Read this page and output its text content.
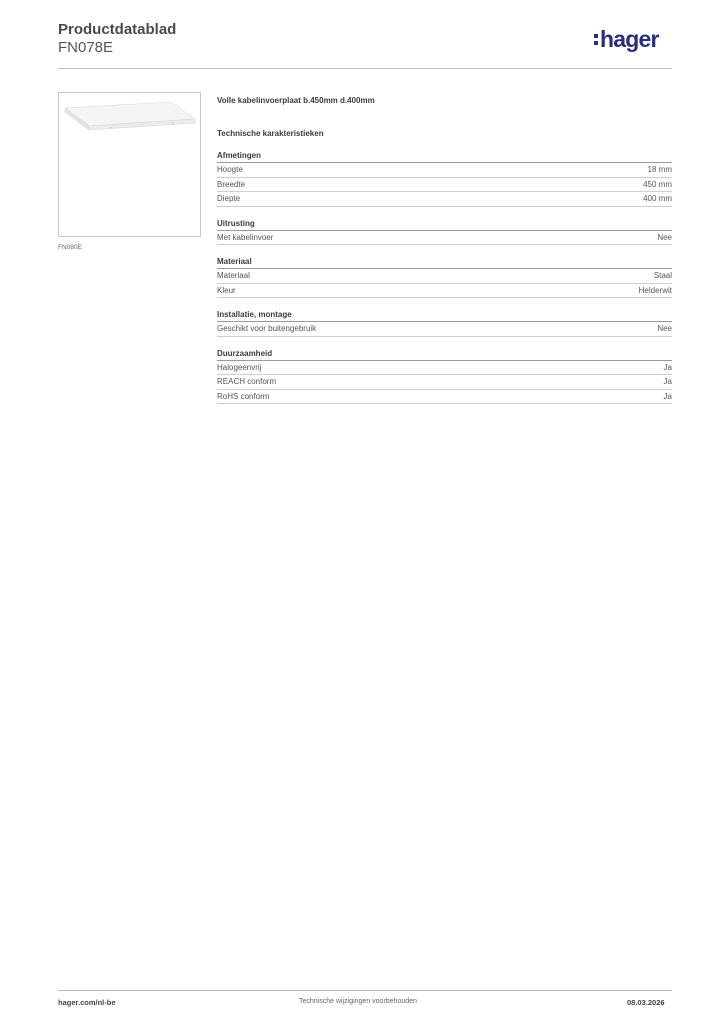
Productdatablad
FN078E	hager
FN080E
Volle kabelinvoerplaat b.450mm d.400mm
Technische karakteristieken
Afmetingen
Hoogte	18 mm
Breedte	450 mm
Diepte	400 mm
Uitrusting
Met kabelinvoer	Nee
Materiaal
Materiaal	Staal
Kleur	Helderwit
Installatie, montage
Geschikt voor buitengebruik	Nee
Duurzaamheid
Halogeenvrij	Ja
REACH conform	Ja
RoHS conform	Ja
hager.com/nl-be	Technische wijzigingen voorbehouden	08.03.2026
